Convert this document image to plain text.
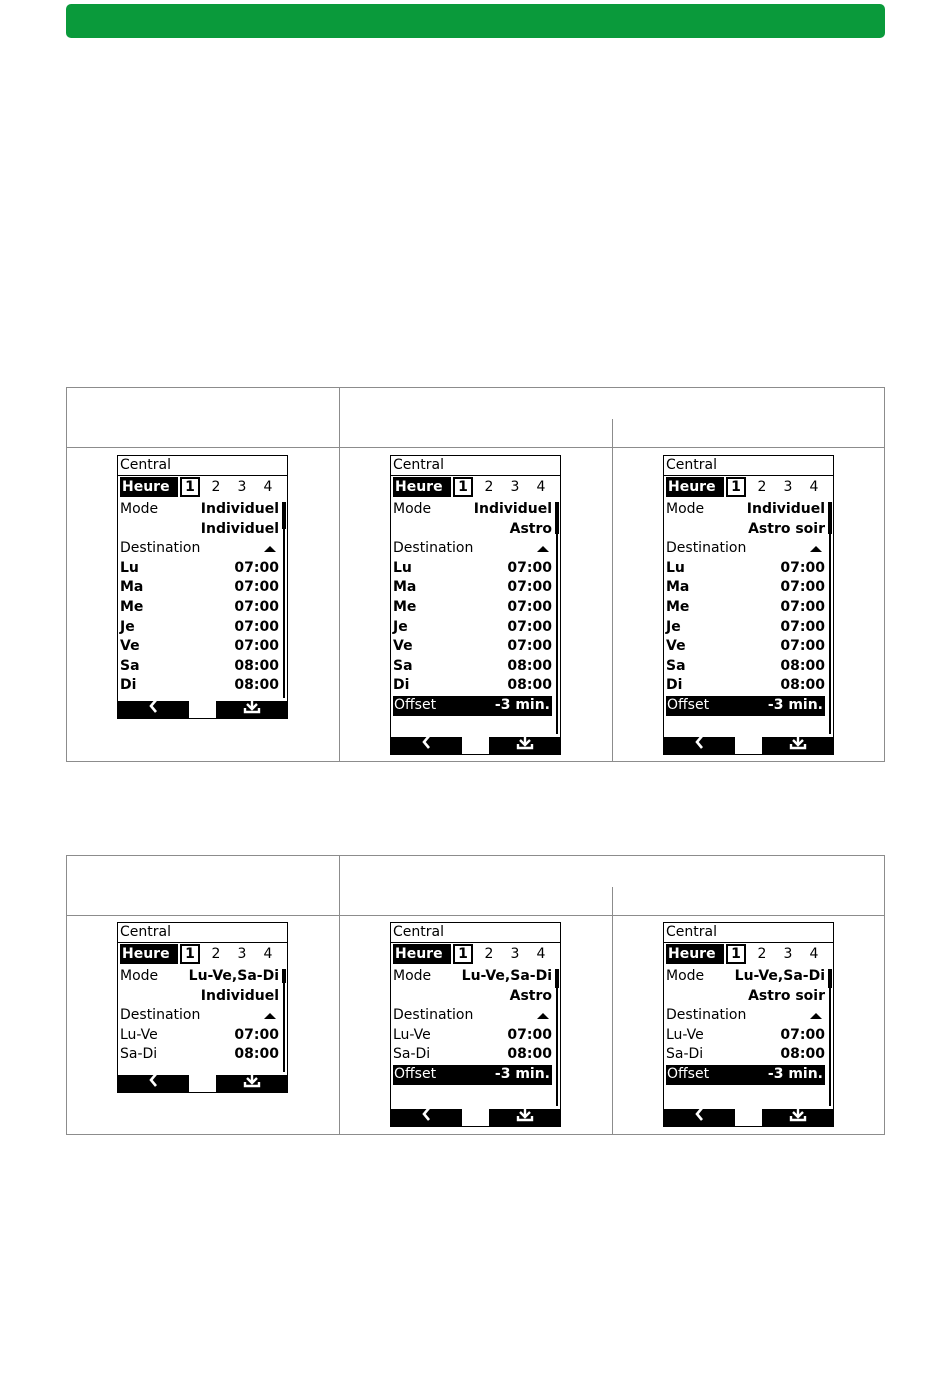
Central
Heure	1	2	3	4
Mode	Individuel
Individuel
Destination
Lu	07:00
Ma	07:00
Me	07:00
Je	07:00
Ve	07:00
Sa	08:00
Di	08:00
Central
Heure	1	2	3	4
Mode	Individuel
Astro
Destination
Lu	07:00
Ma	07:00
Me	07:00
Je	07:00
Ve	07:00
Sa	08:00
Di	08:00
Offset	-3 min.
Central
Heure	1	2	3	4
Mode	Individuel
Astro soir
Destination
Lu	07:00
Ma	07:00
Me	07:00
Je	07:00
Ve	07:00
Sa	08:00
Di	08:00
Offset	-3 min.
Central
Heure	1	2	3	4
Mode Lu-Ve,Sa-Di
Individuel
Destination
Lu-Ve	07:00
Sa-Di	08:00
Central
Heure	1	2	3	4
Mode Lu-Ve,Sa-Di
Astro
Destination
Lu-Ve	07:00
Sa-Di	08:00
Offset	-3 min.
Central
Heure	1	2	3	4
Mode Lu-Ve,Sa-Di
Astro soir
Destination
Lu-Ve	07:00
Sa-Di	08:00
Offset	-3 min.
